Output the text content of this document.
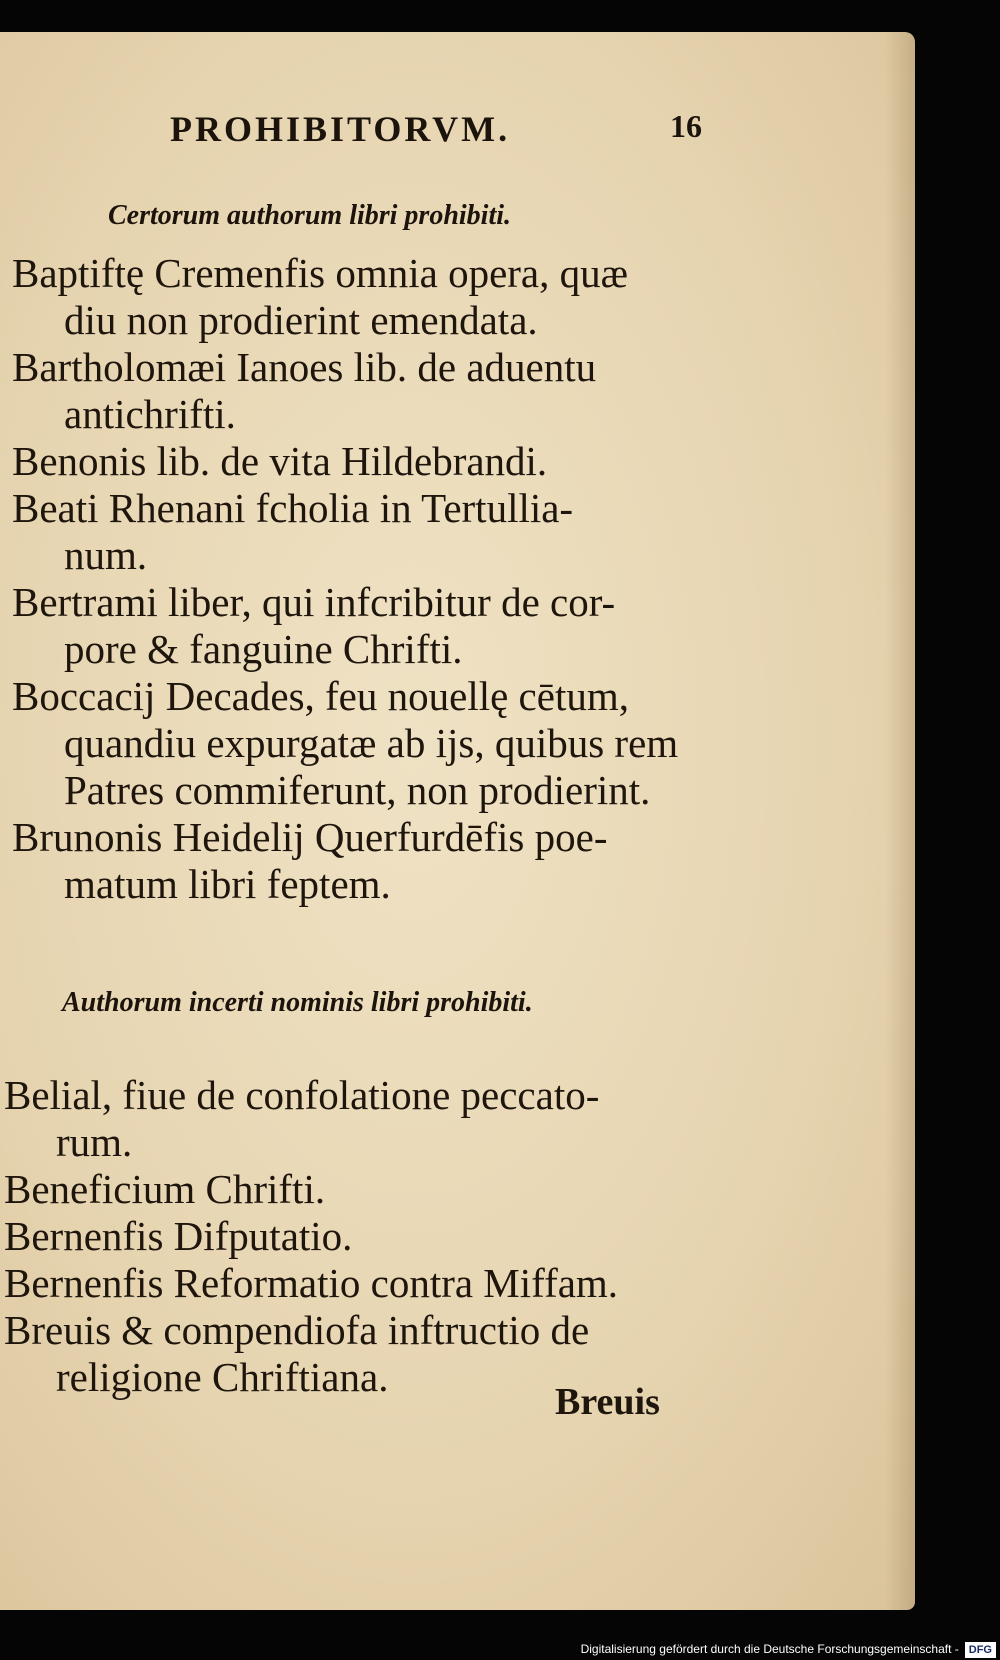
PROHIBITORVM.	16
Certorum authorum libri prohibiti.

Baptiftę Cremenfis omnia opera, quæ
diu non prodierint emendata.

Bartholomæi Ianoes lib. de aduentu
antichrifti.

Benonis lib. de vita Hildebrandi.

Beati Rhenani fcholia in Tertullia-
num.

Bertrami liber, qui infcribitur de cor-
pore & fanguine Chrifti.

Boccacij Decades, feu nouellę cētum,
quandiu expurgatæ ab ijs, quibus rem Patres commiferunt, non prodierint.

Brunonis Heidelij Querfurdēfis poe-
matum libri feptem.

Authorum incerti nominis libri prohibiti.

Belial, fiue de confolatione peccato-
rum.

Beneficium Chrifti.

Bernenfis Difputatio.

Bernenfis Reformatio contra Miffam.

Breuis & compendiofa inftructio de
religione Chriftiana.

Breuis
Digitalisierung gefördert durch die Deutsche Forschungsgemeinschaft - DFG
